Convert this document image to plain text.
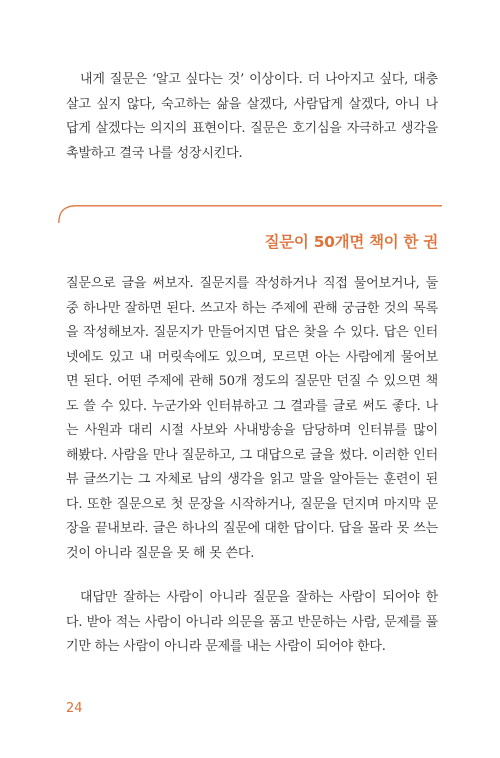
내게 질문은 ‘알고 싶다는 것’ 이상이다. 더 나아지고 싶다, 대충
살고 싶지 않다, 숙고하는 삶을 살겠다, 사람답게 살겠다, 아니 나
답게 살겠다는 의지의 표현이다. 질문은 호기심을 자극하고 생각을
촉발하고 결국 나를 성장시킨다.

질문이 50개면 책이 한 권

질문으로 글을 써보자. 질문지를 작성하거나 직접 물어보거나, 둘
중 하나만 잘하면 된다. 쓰고자 하는 주제에 관해 궁금한 것의 목록
을 작성해보자. 질문지가 만들어지면 답은 찾을 수 있다. 답은 인터
넷에도 있고 내 머릿속에도 있으며, 모르면 아는 사람에게 물어보
면 된다. 어떤 주제에 관해 50개 정도의 질문만 던질 수 있으면 책
도 쓸 수 있다. 누군가와 인터뷰하고 그 결과를 글로 써도 좋다. 나
는 사원과 대리 시절 사보와 사내방송을 담당하며 인터뷰를 많이
해봤다. 사람을 만나 질문하고, 그 대답으로 글을 썼다. 이러한 인터
뷰 글쓰기는 그 자체로 남의 생각을 읽고 말을 알아듣는 훈련이 된
다. 또한 질문으로 첫 문장을 시작하거나, 질문을 던지며 마지막 문
장을 끝내보라. 글은 하나의 질문에 대한 답이다. 답을 몰라 못 쓰는
것이 아니라 질문을 못 해 못 쓴다.

대답만 잘하는 사람이 아니라 질문을 잘하는 사람이 되어야 한
다. 받아 적는 사람이 아니라 의문을 품고 반문하는 사람, 문제를 풀
기만 하는 사람이 아니라 문제를 내는 사람이 되어야 한다.

24
